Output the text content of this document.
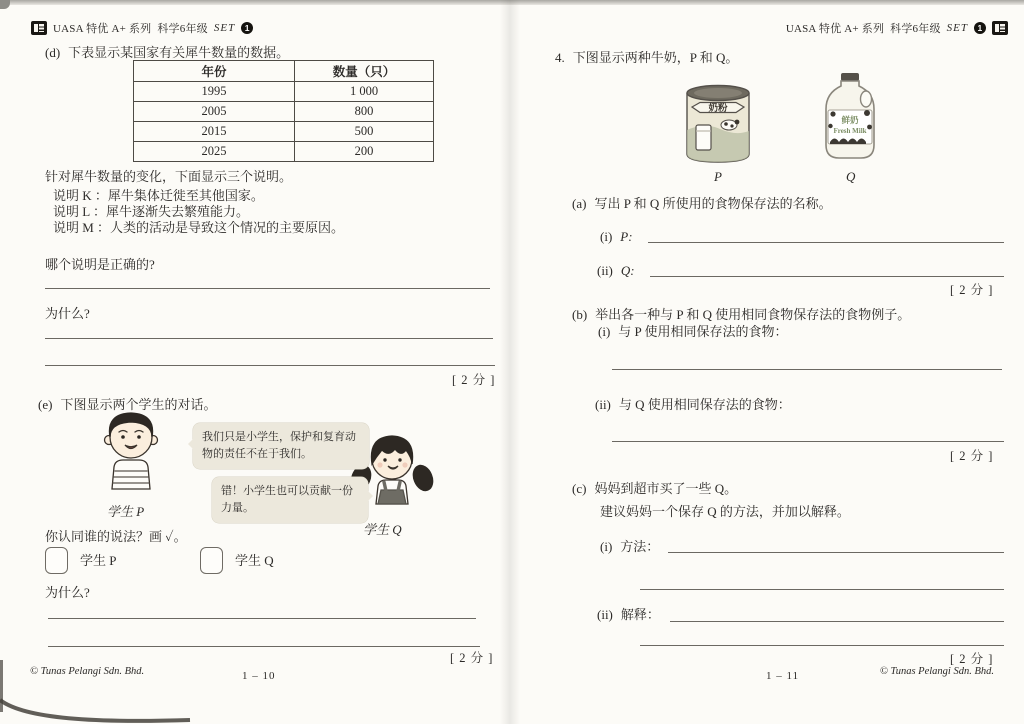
UASA 特优 A+ 系列 科学6年级 SET	1
(d) 下表显示某国家有关犀牛数量的数据。
年份	数量（只）
1995	1 000
2005	800
2015	500
2025	200
针对犀牛数量的变化，下面显示三个说明。
说明 K ：犀牛集体迁徙至其他国家。
说明 L ：犀牛逐渐失去繁殖能力。
说明 M ：人类的活动是导致这个情况的主要原因。
哪个说明是正确的?
为什么?
[ 2 分 ]
(e) 下图显示两个学生的对话。
学生 P
学生 Q
我们只是小学生，保护和复育动物的责任不在于我们。
错！小学生也可以贡献一份力量。
你认同谁的说法？画 ✓。
学生 P	学生 Q
为什么?
[ 2 分 ]
© Tunas Pelangi Sdn. Bhd.	1 – 10
UASA 特优 A+ 系列 科学6年级 SET	1
4. 下图显示两种牛奶，P 和 Q。
奶粉
P
鲜奶
Fresh Milk
Q
(a) 写出 P 和 Q 所使用的食物保存法的名称。
(i) P:
(ii) Q:
[ 2 分 ]
(b) 举出各一种与 P 和 Q 使用相同食物保存法的食物例子。
(i) 与 P 使用相同保存法的食物：
(ii) 与 Q 使用相同保存法的食物：
[ 2 分 ]
(c) 妈妈到超市买了一些 Q。
建议妈妈一个保存 Q 的方法，并加以解释。
(i) 方法：
(ii) 解释：
[ 2 分 ]
1 – 11	© Tunas Pelangi Sdn. Bhd.
